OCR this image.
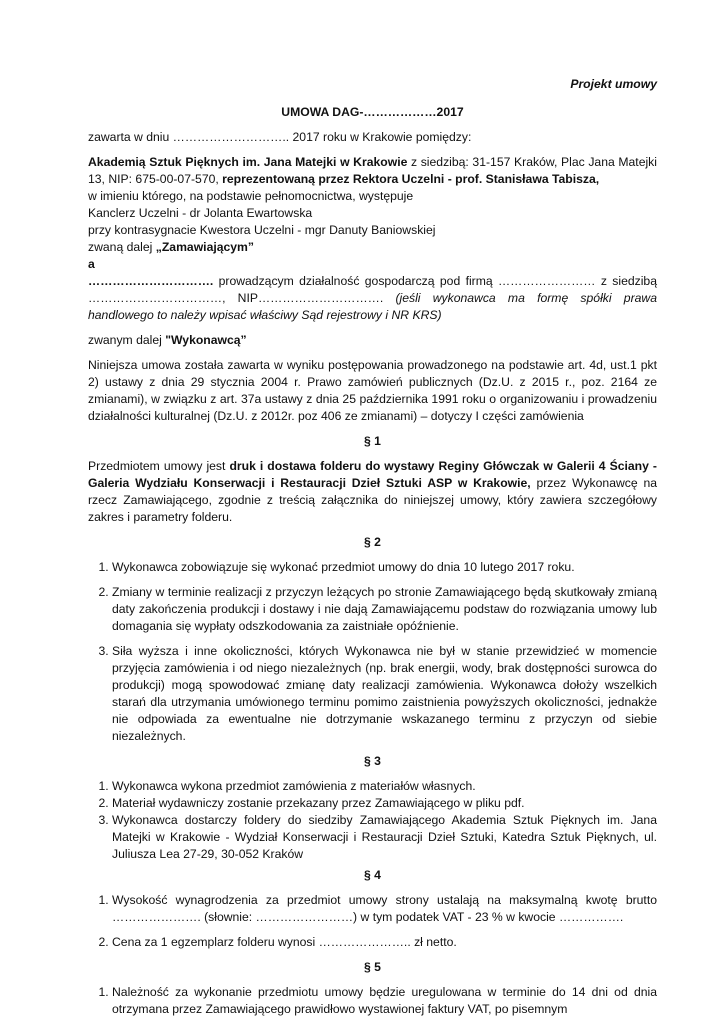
Projekt umowy

UMOWA DAG-………………2017

zawarta w dniu ……………………….. 2017 roku w Krakowie pomiędzy:

Akademią Sztuk Pięknych im. Jana Matejki w Krakowie z siedzibą: 31-157 Kraków, Plac Jana Matejki 13, NIP: 675-00-07-570, reprezentowaną przez Rektora Uczelni - prof. Stanisława Tabisza,

w imieniu którego, na podstawie pełnomocnictwa, występuje

Kanclerz Uczelni - dr Jolanta Ewartowska

przy kontrasygnacie Kwestora Uczelni - mgr Danuty Baniowskiej

zwaną dalej „Zamawiającym”

a

…………………………. prowadzącym działalność gospodarczą pod firmą …………………… z siedzibą ……………………………, NIP…………………………. (jeśli wykonawca ma formę spółki prawa handlowego to należy wpisać właściwy Sąd rejestrowy i NR KRS)

zwanym dalej "Wykonawcą”

Niniejsza umowa została zawarta w wyniku postępowania prowadzonego na podstawie art. 4d, ust.1 pkt 2) ustawy z dnia 29 stycznia 2004 r. Prawo zamówień publicznych (Dz.U. z 2015 r., poz. 2164 ze zmianami), w związku z art. 37a ustawy z dnia 25 października 1991 roku o organizowaniu i prowadzeniu działalności kulturalnej (Dz.U. z 2012r. poz 406 ze zmianami) – dotyczy I części zamówienia

§ 1

Przedmiotem umowy jest druk i dostawa folderu do wystawy Reginy Główczak w Galerii 4 Ściany - Galeria Wydziału Konserwacji i Restauracji Dzieł Sztuki ASP w Krakowie, przez Wykonawcę na rzecz Zamawiającego, zgodnie z treścią załącznika do niniejszej umowy, który zawiera szczegółowy zakres i parametry folderu.

§ 2

1. Wykonawca zobowiązuje się wykonać przedmiot umowy do dnia 10 lutego 2017 roku.
2. Zmiany w terminie realizacji z przyczyn leżących po stronie Zamawiającego będą skutkowały zmianą daty zakończenia produkcji i dostawy i nie dają Zamawiającemu podstaw do rozwiązania umowy lub domagania się wypłaty odszkodowania za zaistniałe opóźnienie.
3. Siła wyższa i inne okoliczności, których Wykonawca nie był w stanie przewidzieć w momencie przyjęcia zamówienia i od niego niezależnych (np. brak energii, wody, brak dostępności surowca do produkcji) mogą spowodować zmianę daty realizacji zamówienia. Wykonawca dołoży wszelkich starań dla utrzymania umówionego terminu pomimo zaistnienia powyższych okoliczności, jednakże nie odpowiada za ewentualne nie dotrzymanie wskazanego terminu z przyczyn od siebie niezależnych.

§ 3

1. Wykonawca wykona przedmiot zamówienia z materiałów własnych.
2. Materiał wydawniczy zostanie przekazany przez Zamawiającego w pliku pdf.
3. Wykonawca dostarczy foldery do siedziby Zamawiającego Akademia Sztuk Pięknych im. Jana Matejki w Krakowie - Wydział Konserwacji i Restauracji Dzieł Sztuki, Katedra Sztuk Pięknych, ul. Juliusza Lea 27-29, 30-052 Kraków

§ 4

1. Wysokość wynagrodzenia za przedmiot umowy strony ustalają na maksymalną kwotę brutto …………………. (słownie: ……………………) w tym podatek VAT - 23 % w kwocie …………….
2. Cena za 1 egzemplarz folderu wynosi ………………….. zł netto.

§ 5

1. Należność za wykonanie przedmiotu umowy będzie uregulowana w terminie do 14 dni od dnia otrzymana przez Zamawiającego prawidłowo wystawionej faktury VAT, po pisemnym
